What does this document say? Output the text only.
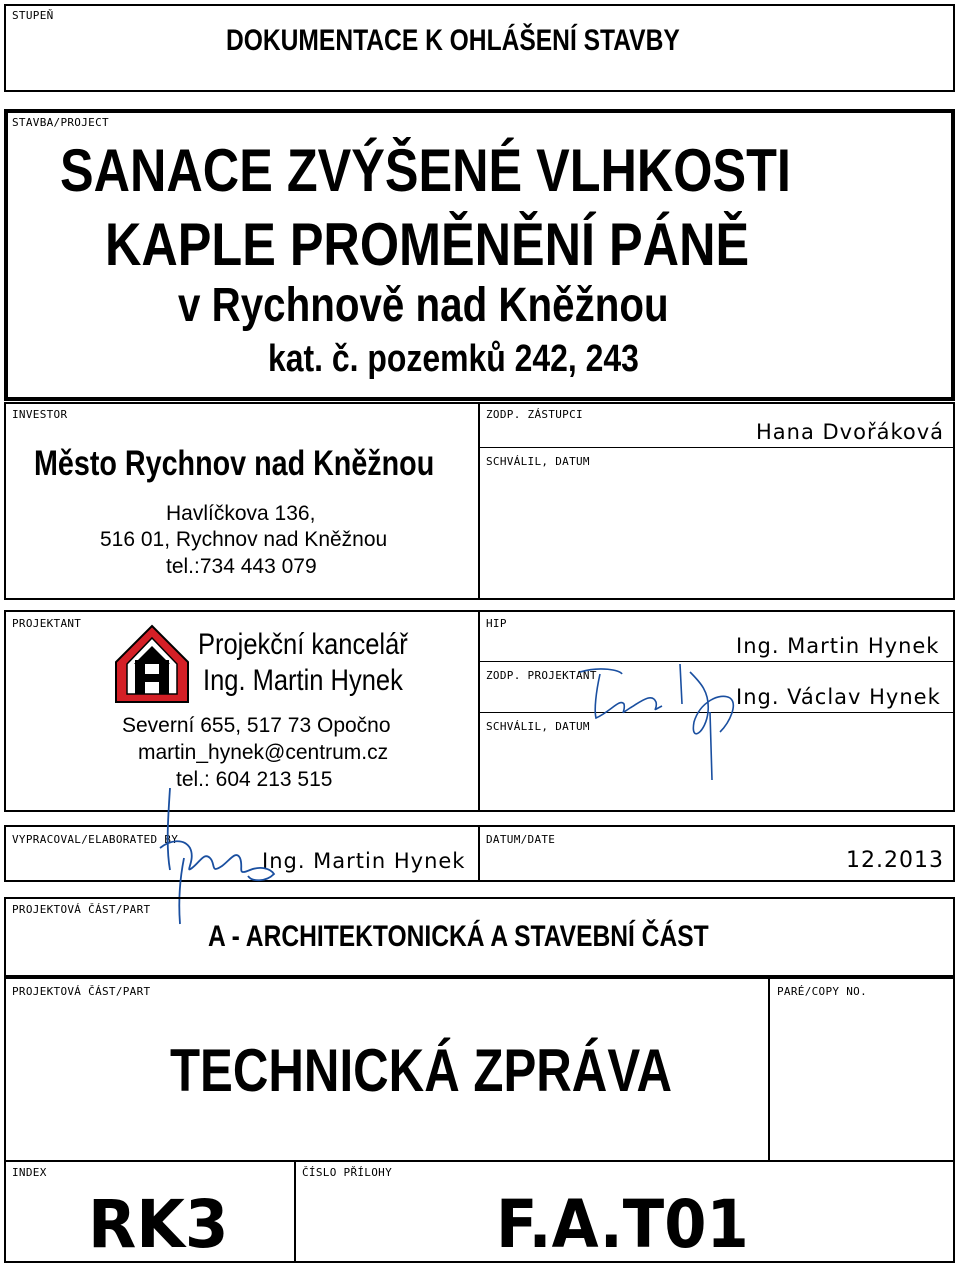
STUPEŇ
DOKUMENTACE K OHLÁŠENÍ STAVBY
STAVBA/PROJECT
SANACE ZVÝŠENÉ VLHKOSTI
KAPLE PROMĚNĚNÍ PÁNĚ
v Rychnově nad Kněžnou
kat. č. pozemků 242, 243
INVESTOR
Město Rychnov nad Kněžnou
Havlíčkova 136,
516 01, Rychnov nad Kněžnou
tel.:734 443 079
ZODP. ZÁSTUPCI
Hana Dvořáková
SCHVÁLIL, DATUM
PROJEKTANT
Projekční kancelář
Ing. Martin Hynek
Severní 655, 517 73 Opočno
martin_hynek@centrum.cz
tel.: 604 213 515
HIP
Ing. Martin Hynek
ZODP. PROJEKTANT
Ing. Václav Hynek
SCHVÁLIL, DATUM
VYPRACOVAL/ELABORATED BY
Ing. Martin Hynek
DATUM/DATE
12.2013
PROJEKTOVÁ ČÁST/PART
A - ARCHITEKTONICKÁ A STAVEBNÍ ČÁST
PROJEKTOVÁ ČÁST/PART
TECHNICKÁ ZPRÁVA
PARÉ/COPY NO.
INDEX
RK3
ČÍSLO PŘÍLOHY
F.A.T01
